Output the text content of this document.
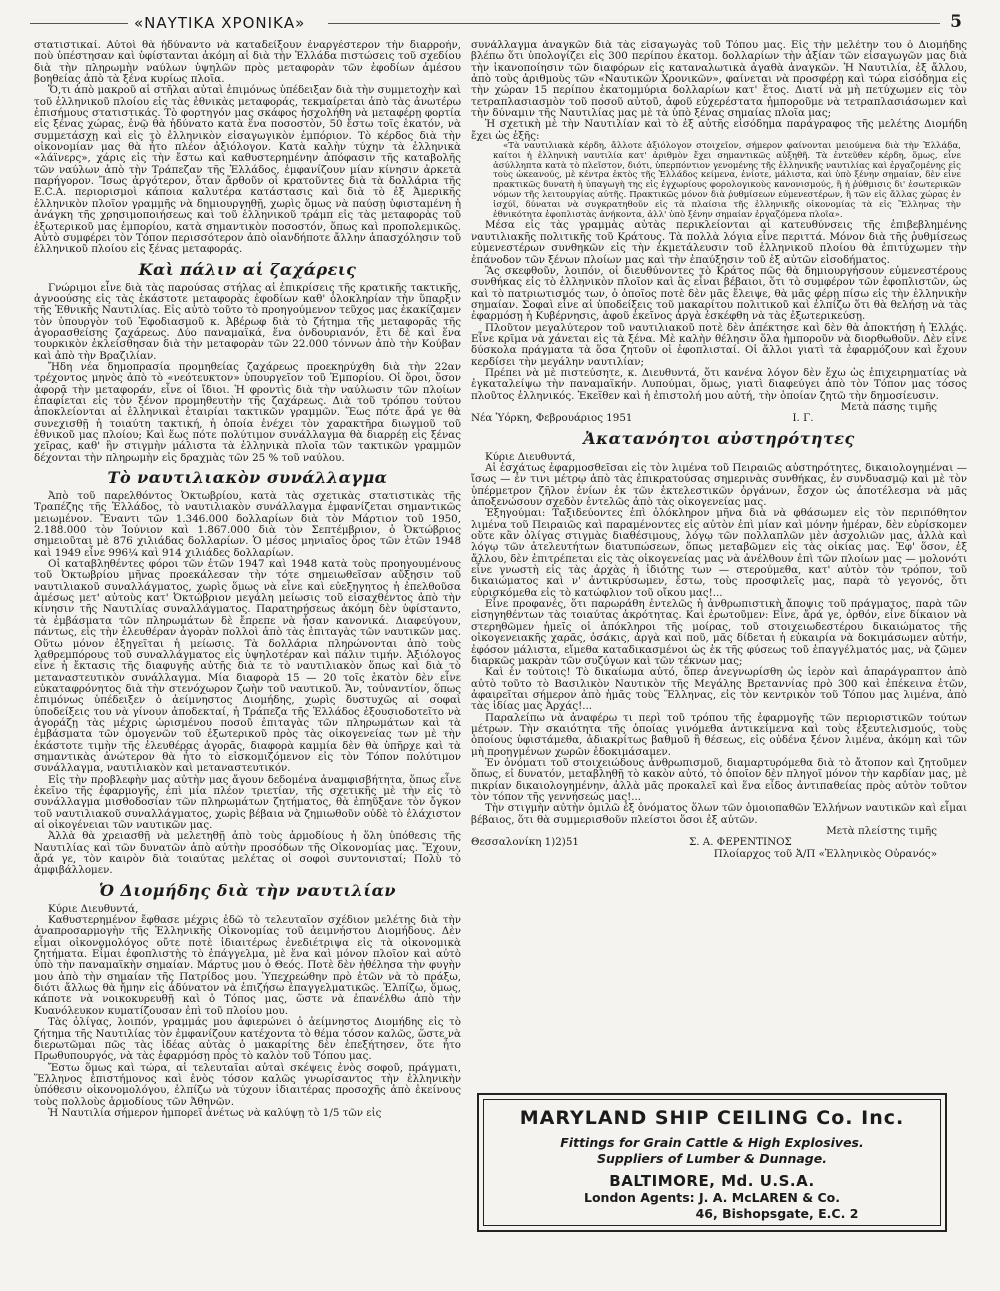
«ΝΑΥΤΙΚΑ ΧΡΟΝΙΚΑ»	5

στατιστικαί. Αὐτοὶ θὰ ἠδύναντο νὰ καταδείξουν ἐναργέστερον τὴν διαρροήν, ποὺ ὑπέστησαν καὶ ὑφίστανται ἀκόμη αἱ διὰ τὴν Ἑλλάδα πιστώσεις τοῦ σχεδίου διὰ τὴν πληρωμὴν ναύλων ὑψηλῶν πρὸς μεταφορὰν τῶν ἐφοδίων ἀμέσου βοηθείας ἀπὸ τὰ ξένα κυρίως πλοῖα.

Ὅ,τι ἀπὸ μακροῦ αἱ στῆλαι αὐταὶ ἐπιμόνως ὑπέδειξαν διὰ τὴν συμμετοχὴν καὶ τοῦ ἑλληνικοῦ πλοίου εἰς τὰς ἐθνικὰς μεταφοράς, τεκμαίρεται ἀπὸ τὰς ἀνωτέρω ἐπισήμους στατιστικάς. Τὸ φορτηγόν μας σκάφος ἠσχολήθη νὰ μεταφέρῃ φορτία εἰς ξένας χώρας, ἐνῷ θὰ ἠδύνατο κατὰ ἕνα ποσοστὸν, 50 ἔστω τοῖς ἑκατόν, νὰ συμμετάσχῃ καὶ εἰς τὸ ἑλληνικὸν εἰσαγωγικὸν ἐμπόριον. Τὸ κέρδος διὰ τὴν οἰκονομίαν μας θὰ ἦτο πλέον ἀξιόλογον. Κατὰ καλὴν τύχην τὰ ἑλληνικὰ «λάϊνερς», χάρις εἰς τὴν ἔστω καὶ καθυστερημένην ἀπόφασιν τῆς καταβολῆς τῶν ναύλων ἀπὸ τὴν Τράπεζαν τῆς Ἑλλάδος, ἐμφανίζουν μίαν κίνησιν ἀρκετὰ παρήγορον. Ἴσως ἀργότερον, ὅταν ἄρθοῦν οἱ κρατοῦντες διὰ τὰ δολλάρια τῆς E.C.A. περιορισμοὶ κάποια καλυτέρα κατάστασις καὶ διὰ τὸ ἐξ Ἀμερικῆς ἑλληνικὸν πλοῖον γραμμῆς νὰ δημιουργηθῇ, χωρὶς ὅμως νὰ παύσῃ ὑφισταμένη ἡ ἀνάγκη τῆς χρησιμοποιήσεως καὶ τοῦ ἑλληνικοῦ τράμπ εἰς τὰς μεταφορὰς τοῦ ἐξωτερικοῦ μας ἐμπορίου, κατὰ σημαντικὸν ποσοστόν, ὅπως καὶ προπολεμικῶς. Αὐτὸ συμφέρει τὸν Τόπον περισσότερον ἀπὸ οἱανδήποτε ἄλλην ἀπασχόλησιν τοῦ ἑλληνικοῦ πλοίου εἰς ξένας μεταφοράς.

Καὶ πάλιν αἱ ζαχάρεις

Γνώριμοι εἶνε διὰ τὰς παρούσας στήλας αἱ ἐπικρίσεις τῆς κρατικῆς τακτικῆς, ἀγνοούσης εἰς τὰς ἑκάστοτε μεταφορὰς ἐφοδίων καθ' ὁλοκληρίαν τὴν ὕπαρξιν τῆς Ἐθνικῆς Ναυτιλίας. Εἰς αὐτὸ τοῦτο τὸ προηγούμενον τεῦχος μας ἐκακίζαμεν τὸν ὑπουργὸν τοῦ Ἐφοδιασμοῦ κ. Ἀβέρωφ διὰ τὸ ζήτημα τῆς μεταφορᾶς τῆς ἀγορασθείσης ζαχάρεως. Δύο παναμαϊκά, ἕνα ὀνδουριανόν, ἔτι δὲ καὶ ἕνα τουρκικὸν ἐκλείσθησαν διὰ τὴν μεταφορὰν τῶν 22.000 τόννων ἀπὸ τὴν Κούβαν καὶ ἀπὸ τὴν Βραζιλίαν.

Ἤδη νέα δημοπρασία προμηθείας ζαχάρεως προεκηρύχθη διὰ τὴν 22αν τρέχοντος μηνὸς ἀπὸ τὸ «νεότευκτον» ὑπουργεῖον τοῦ Ἐμπορίου. Οἱ ὅροι, ὅσον ἀφορᾷ τὴν μεταφοράν, εἶνε οἱ ἴδιοι. Ἡ φροντὶς διὰ τὴν ναύλωσιν τῶν πλοίων ἐπαφίεται εἰς τὸν ξένον προμηθευτὴν τῆς ζαχάρεως. Διὰ τοῦ τρόπου τούτου ἀποκλείονται αἱ ἑλληνικαὶ ἑταιρίαι τακτικῶν γραμμῶν. Ἕως πότε ἄρά γε θὰ συνεχισθῇ ἡ τοιαύτη τακτική, ἡ ὁποία ἐνέχει τὸν χαρακτῆρα διωγμοῦ τοῦ ἐθνικοῦ μας πλοίου; Καὶ ἕως πότε πολύτιμον συνάλλαγμα θὰ διαρρέῃ εἰς ξένας χεῖρας, καθ' ἣν στιγμὴν μάλιστα τὰ ἑλληνικὰ πλοῖα τῶν τακτικῶν γραμμῶν δέχονται τὴν πληρωμὴν εἰς δραχμὰς τῶν 25 % τοῦ ναύλου.

Τὸ ναυτιλιακὸν συνάλλαγμα

Ἀπὸ τοῦ παρελθόντος Ὀκτωβρίου, κατὰ τὰς σχετικὰς στατιστικὰς τῆς Τραπέζης τῆς Ἑλλάδος, τὸ ναυτιλιακὸν συνάλλαγμα ἐμφανίζεται σημαντικῶς μειωμένον. Ἔναντι τῶν 1.346.000 δολλαρίων διὰ τὸν Μάρτιον τοῦ 1950, 2.188.000 τὸν Ἰούνιον καὶ 1.867.000 διὰ τὸν Σεπτέμβριον, ὁ Ὀκτώβριος σημειοῦται μὲ 876 χιλιάδας δολλαρίων. Ὁ μέσος μηνιαῖος ὅρος τῶν ἐτῶν 1948 καὶ 1949 εἶνε 996¼ καὶ 914 χιλιάδες δολλαρίων.

Οἱ καταβληθέντες φόροι τῶν ἐτῶν 1947 καὶ 1948 κατὰ τοὺς προηγουμένους τοῦ Ὀκτωβρίου μῆνας προεκάλεσαν τὴν τότε σημειωθεῖσαν αὔξησιν τοῦ ναυτιλιακοῦ συναλλάγματος, χωρὶς ὅμως νὰ εἶνε καὶ εὐεξηγητος ἡ ἐπελθοῦσα ἀμέσως μετ' αὐτοὺς κατ' Ὀκτώβριον μεγάλη μείωσις τοῦ εἰσαχθέντος ἀπὸ τὴν κίνησιν τῆς Ναυτιλίας συναλλάγματος. Παρατηρήσεως ἀκόμη δὲν ὑφίσταντο, τὰ ἐμβάσματα τῶν πληρωμάτων δὲ ἔπρεπε νὰ ἦσαν κανονικά. Διαφεύγουν, πάντως, εἰς τὴν ἐλευθέραν ἀγορὰν πολλοὶ ἀπὸ τὰς ἐπιταγὰς τῶν ναυτικῶν μας. Οὕτω μόνον ἐξηγεῖται ἡ μείωσις. Τὰ δολλάρια πληρώνονται ἀπὸ τοὺς λαθρεμπόρους τοῦ συναλλάγματος εἰς ὑψηλοτέραν καὶ πάλιν τιμήν. Ἀξιόλογος εἶνε ἡ ἔκτασις τῆς διαφυγῆς αὐτῆς διὰ τε τὸ ναυτιλιακὸν ὅπως καὶ διὰ τὸ μεταναστευτικὸν συνάλλαγμα. Μία διαφορὰ 15 — 20 τοῖς ἑκατὸν δὲν εἶνε εὐκαταφρόνητος διὰ τὴν στενόχωρον ζωὴν τοῦ ναυτικοῦ. Ἄν, τοὐναντίον, ὅπως ἐπιμόνως ὑπέδειξεν ὁ ἀείμνηστος Διομήδης, χωρὶς δυστυχῶς αἱ σοφαὶ ὑποδείξεις του νὰ γίνουν ἀποδεκταί, ἡ Τράπεζα τῆς Ἑλλάδος ἐξουσιοδοτεῖτο νὰ ἀγοράζῃ τὰς μέχρις ὡρισμένου ποσοῦ ἐπιταγὰς τῶν πληρωμάτων καὶ τὰ ἐμβάσματα τῶν ὁμογενῶν τοῦ ἐξωτερικοῦ πρὸς τὰς οἰκογενείας των μὲ τὴν ἑκάστοτε τιμὴν τῆς ἐλευθέρας ἀγορᾶς, διαφορὰ καμμία δὲν θὰ ὑπῆρχε καὶ τὰ σημαντικὰς ἀνώτερον θὰ ἦτο τὸ εἰσκομιζόμενον εἰς τὸν Τόπον πολύτιμον συνάλλαγμα, ναυτιλιακὸν καὶ μεταναστευτικόν.

Εἰς τὴν προβλεφὴν μας αὐτὴν μας ἄγουν δεδομένα ἀναμφισβήτητα, ὅπως εἶνε ἐκεῖνο τῆς ἐφαρμογῆς, ἐπὶ μία πλέον τριετίαν, τῆς σχετικῆς μὲ τὴν εἰς τὸ συνάλλαγμα μισθοδοσίαν τῶν πληρωμάτων ζητήματος, θὰ ἐπηῦξανε τὸν ὄγκον τοῦ ναυτιλιακοῦ συναλλάγματος, χωρὶς βέβαια νὰ ζημιωθοῦν οὐδὲ τὸ ἐλάχιστον αἱ οἰκογένειαι τῶν ναυτικῶν μας.

Ἀλλὰ θὰ χρειασθῇ νὰ μελετηθῇ ἀπὸ τοὺς ἁρμοδίους ἡ ὅλη ὑπόθεσις τῆς Ναυτιλίας καὶ τῶν δυνατῶν ἀπὸ αὐτὴν προσόδων τῆς Οἰκονομίας μας. Ἔχουν, ἄρά γε, τὸν καιρὸν διὰ τοιαύτας μελέτας οἱ σοφοὶ συντονισταί; Πολὺ τὸ ἀμφιβάλλομεν.

Ὁ Διομήδης διὰ τὴν ναυτιλίαν

Κύριε Διευθυντά,

Καθυστερημένον ἔφθασε μέχρις ἐδῶ τὸ τελευταῖον σχέδιον μελέτης διὰ τὴν ἀναπροσαρμογὴν τῆς Ἑλληνικῆς Οἰκονομίας τοῦ ἀειμνήστου Διομήδους. Δὲν εἶμαι οἰκονομολόγος οὔτε ποτὲ ἰδιαιτέρως ἐνεδιέτριψα εἰς τὰ οἰκονομικὰ ζητήματα. Εἶμαι ἐφοπλιστὴς τὸ ἐπάγγελμα, μὲ ἕνα καὶ μόνον πλοῖον καὶ αὐτὸ ὑπὸ τὴν παναμαϊκὴν σημαίαν. Μάρτυς μου ὁ Θεός. Ποτὲ δὲν ἠθέλησα τὴν φυγὴν μου ἀπὸ τὴν σημαίαν τῆς Πατρίδος μου. Ὑπεχρεώθην πρὸ ἐτῶν νὰ τὸ πράξω, διότι ἄλλως θὰ ἤμην εἰς ἀδύνατον νὰ ἐπιζήσω ἐπαγγελματικῶς. Ἐλπίζω, ὅμως, κάποτε νὰ νοικοκυρευθῇ καὶ ὁ Τόπος μας, ὥστε νὰ ἐπανέλθω ἀπὸ τὴν Κυανόλευκον κυματίζουσαν ἐπὶ τοῦ πλοίου μου.

Τὰς ὀλίγας, λοιπόν, γραμμάς μου ἀφιερώνει ὁ ἀείμνηστος Διομήδης εἰς τὸ ζήτημα τῆς Ναυτιλίας τὸν ἐμφανίζουν κατέχοντα τὸ θέμα τόσον καλῶς, ὥστε νὰ διερωτῶμαι πῶς τὰς ἰδέας αὐτὰς ὁ μακαρίτης δὲν ἐπεξήτησεν, ὅτε ἦτο Πρωθυπουργός, νὰ τὰς ἐφαρμόσῃ πρὸς τὸ καλὸν τοῦ Τόπου μας.

Ἔστω ὅμως καὶ τώρα, αἱ τελευταῖαι αὐταὶ σκέψεις ἑνὸς σοφοῦ, πράγματι, Ἕλληνος ἐπιστήμονος καὶ ἑνὸς τόσον καλῶς γνωρίσαντος τὴν ἑλληνικὴν ὑπόθεσιν οἰκονομολόγου, ἐλπίζω νὰ τύχουν ἰδιαιτέρας προσοχῆς ἀπὸ ἐκείνους τοὺς πολλοὺς ἁρμοδίους τῶν Ἀθηνῶν.

Ἡ Ναυτιλία σήμερον ἠμπορεῖ ἀνέτως νὰ καλύψῃ τὸ 1/5 τῶν εἰς

συνάλλαγμα ἀναγκῶν διὰ τὰς εἰσαγωγὰς τοῦ Τόπου μας. Εἰς τὴν μελέτην του ὁ Διομήδης βλέπω ὅτι ὑπολογίζει εἰς 300 περίπου ἑκατομ. δολλαρίων τὴν ἀξίαν τῶν εἰσαγωγῶν μας διὰ τὴν ἱκανοποίησιν τῶν διαφόρων εἰς καταναλωτικὰ ἀγαθὰ ἀναγκῶν. Ἡ Ναυτιλία, ἐξ ἄλλου, ἀπὸ τοὺς ἀριθμοὺς τῶν «Ναυτικῶν Χρονικῶν», φαίνεται νὰ προσφέρῃ καὶ τώρα εἰσόδημα εἰς τὴν χώραν 15 περίπου ἑκατομμύρια δολλαρίων κατ' ἔτος. Διατί νὰ μὴ πετύχωμεν εἰς τὸν τετραπλασιασμὸν τοῦ ποσοῦ αὐτοῦ, ἀφοῦ εὐχερέστατα ἠμποροῦμε νὰ τετραπλασιάσωμεν καὶ τὴν δύναμιν τῆς Ναυτιλίας μας μὲ τὰ ὑπὸ ξένας σημαίας πλοῖα μας;

Ἡ σχετικὴ μὲ τὴν Ναυτιλίαν καὶ τὸ ἐξ αὐτῆς εἰσόδημα παράγραφος τῆς μελέτης Διομήδη ἔχει ὡς ἑξῆς:

«Τὰ ναυτιλιακὰ κέρδη, ἄλλοτε ἀξιόλογον στοιχεῖον, σήμερον φαίνονται μειούμενα διὰ τὴν Ἑλλάδα, καίτοι ἡ ἑλληνικὴ ναυτιλία κατ' ἀριθμὸν ἔχει σημαντικῶς αὐξηθῆ. Τὰ ἐντεῦθεν κέρδη, ὅμως, εἶνε ἀσύλληπτα κατὰ τὸ πλεῖστον, διότι, ὑπερπόντιον γενομένης τῆς ἑλληνικῆς ναυτιλίας καὶ ἐργαζομένης εἰς τοὺς ὠκεανούς, μὲ κέντρα ἐκτὸς τῆς Ἑλλάδος κείμενα, ἐνίοτε, μάλιστα, καὶ ὑπὸ ξένην σημαίαν, δὲν εἶνε πρακτικῶς δυνατὴ ἡ ὑπαγωγὴ της εἰς ἐγχωρίους φορολογικοὺς κανονισμούς, ἢ ἡ ῥύθμισις δι' ἐσωτερικῶν νόμων τῆς λειτουργίας αὐτῆς. Πρακτικῶς μόνον διὰ ῥυθμίσεων εὐμενεστέρων, ἢ τῶν εἰς ἄλλας χώρας ἐν ἰσχύϊ, δύναται νὰ συγκρατηθοῦν εἰς τὰ πλαίσια τῆς ἑλληνικῆς οἰκονομίας τὰ εἰς Ἕλληνας τὴν ἐθνικότητα ἐφοπλιστὰς ἀνήκοντα, ἀλλ' ὑπὸ ξένην σημαίαν ἐργαζόμενα πλοῖα».

Μέσα εἰς τὰς γραμμὰς αὐτὰς περικλείονται αἱ κατευθύνσεις τῆς ἐπιβεβλημένης ναυτιλιακῆς πολιτικῆς τοῦ Κράτους. Τὰ πολλὰ λόγια εἶνε περιττά. Μόνον διὰ τῆς ῥυθμίσεως εὐμενεστέρων συνθηκῶν εἰς τὴν ἐκμετάλευσιν τοῦ ἑλληνικοῦ πλοίου θὰ ἐπιτύχωμεν τὴν ἐπάνοδον τῶν ξένων πλοίων μας καὶ τὴν ἐπαύξησιν τοῦ ἐξ αὐτῶν εἰσοδήματος.

Ἂς σκεφθοῦν, λοιπόν, οἱ διευθύνοντες τὸ Κράτος πῶς θὰ δημιουργήσουν εὐμενεστέρους συνθήκας εἰς τὸ ἑλληνικὸν πλοῖον καὶ ἂς εἶναι βέβαιοι, ὅτι τὸ συμφέρον τῶν ἐφοπλιστῶν, ὡς καὶ τὸ πατριωτισμός των, ὁ ὁποῖος ποτὲ δὲν μᾶς ἔλειψε, θὰ μᾶς φέρῃ πίσω εἰς τὴν ἑλληνικὴν σημαίαν. Σοφαὶ εἶνε αἱ ὑποδείξεις τοῦ μακαρίτου πολιτικοῦ καὶ ἐλπίζω ὅτι θὰ θελήσῃ νὰ τὰς ἐφαρμόσῃ ἡ Κυβέρνησις, ἀφοῦ ἐκεῖνος ἀργὰ ἐσκέφθη νὰ τὰς ἐξωτερικεύσῃ.

Πλοῦτον μεγαλύτερον τοῦ ναυτιλιακοῦ ποτὲ δὲν ἀπέκτησε καὶ δὲν θὰ ἀποκτήσῃ ἡ Ἑλλάς. Εἶνε κρῖμα νὰ χάνεται εἰς τὰ ξένα. Μὲ καλὴν θέλησιν ὅλα ἠμποροῦν νὰ διορθωθοῦν. Δὲν εἶνε δύσκολα πράγματα τὰ ὅσα ζητοῦν οἱ ἐφοπλισταί. Οἱ ἄλλοι γιατὶ τὰ ἐφαρμόζουν καὶ ἔχουν κερδίσει τὴν μεγάλην ναυτιλίαν;

Πρέπει νὰ μὲ πιστεύσητε, κ. Διευθυντά, ὅτι κανένα λόγον δὲν ἔχω ὡς ἐπιχειρηματίας νὰ ἐγκαταλείψω τὴν παναμαϊκήν. Λυπούμαι, ὅμως, γιατὶ διαφεύγει ἀπὸ τὸν Τόπον μας τόσος πλοῦτος ἑλληνικός. Ἐκεῖθεν καὶ ἡ ἐπιστολή μου αὐτή, τὴν ὁποίαν ζητῶ τὴν δημοσίευσιν.

Μετὰ πάσης τιμῆς

Νέα Ὑόρκη, Φεβρουάριος 1951	Ι. Γ.

Ἀκατανόητοι αὐστηρότητες

Κύριε Διευθυντά,

Αἱ ἐσχάτως ἐφαρμοσθεῖσαι εἰς τὸν λιμένα τοῦ Πειραιῶς αὐστηρότητες, δικαιολογημέναι — ἴσως — ἐν τινι μέτρῳ ἀπὸ τὰς ἐπικρατούσας σημερινὰς συνθήκας, ἐν συνδυασμῷ καὶ μὲ τὸν ὑπέρμετρον ζῆλον ἐνίων ἐκ τῶν ἐκτελεστικῶν ὀργάνων, ἔσχον ὡς ἀποτέλεσμα νὰ μᾶς ἀποξενώσουν σχεδὸν ἐντελῶς ἀπὸ τὰς οἰκογενείας μας.

Ἐξηγούμαι: Ταξιδεύοντες ἐπὶ ὁλόκληρον μῆνα διὰ νὰ φθάσωμεν εἰς τὸν περιπόθητον λιμένα τοῦ Πειραιῶς καὶ παραμένοντες εἰς αὐτὸν ἐπὶ μίαν καὶ μόνην ἡμέραν, δὲν εὑρίσκομεν οὔτε κἂν ὀλίγας στιγμὰς διαθέσιμους, λόγῳ τῶν πολλαπλῶν μὲν ἀσχολιῶν μας, ἀλλὰ καὶ λόγῳ τῶν ἀτελευτήτων διατυπώσεων, ὅπως μεταβῶμεν εἰς τὰς οἰκίας μας. Ἐφ' ὅσον, ἐξ ἄλλου, δὲν ἐπιτρέπεται εἰς τὰς οἰκογενείας μας νὰ ἀνέλθουν ἐπὶ τῶν πλοίων μας — μολονότι εἶνε γνωστὴ εἰς τὰς ἀρχὰς ἡ ἰδιότης των — στερούμεθα, κατ' αὐτὸν τὸν τρόπον, τοῦ δικαιώματος καὶ ν' ἀντικρύσωμεν, ἔστω, τοὺς προσφιλεῖς μας, παρὰ τὸ γεγονός, ὅτι εὑρισκόμεθα εἰς τὸ κατώφλιον τοῦ οἴκου μας!...

Εἶνε προφανές, ὅτι παρωράθη ἐντελῶς ἡ ἀνθρωπιστικὴ ἄποψις τοῦ πράγματος, παρὰ τῶν εἰσηγηθέντων τὰς τοιαύτας ἀκρότητας. Καὶ ἐρωτοῦμεν: Εἶνε, ἄρά γε, ὀρθόν, εἶνε δίκαιον νὰ στερηθῶμεν ἡμεῖς οἱ ἀπόκληροι τῆς μοίρας, τοῦ στοιχειωδεστέρου δικαιώματος τῆς οἰκογενειακῆς χαρᾶς, ὀσάκις, ἀργὰ καὶ ποῦ, μᾶς δίδεται ἡ εὐκαιρία νὰ δοκιμάσωμεν αὐτήν, ἐφόσον μάλιστα, εἴμεθα καταδικασμένοι ὡς ἐκ τῆς φύσεως τοῦ ἐπαγγέλματός μας, νὰ ζῶμεν διαρκῶς μακρὰν τῶν συζύγων καὶ τῶν τέκνων μας;

Καὶ ἐν τούτοις! Τὸ δικαίωμα αὐτό, ὅπερ ἀνεγνωρίσθη ὡς ἱερὸν καὶ ἀπαράγραπτον ἀπὸ αὐτὸ τοῦτο τὸ Βασιλικὸν Ναυτικὸν τῆς Μεγάλης Βρεταννίας πρὸ 300 καὶ ἐπέκεινα ἐτῶν, ἀφαιρεῖται σήμερον ἀπὸ ἡμᾶς τοὺς Ἕλληνας, εἰς τὸν κεντρικὸν τοῦ Τόπου μας λιμένα, ἀπὸ τὰς ἰδίας μας Ἀρχάς!...

Παραλείπω νὰ ἀναφέρω τι περὶ τοῦ τρόπου τῆς ἐφαρμογῆς τῶν περιοριστικῶν τούτων μέτρων. Τὴν σκαιότητα τῆς ὁποίας γινόμεθα ἀντικείμενα καὶ τοὺς ἐξευτελισμούς, τοὺς ὁποίους ὑφιστάμεθα, ἀδιακρίτως βαθμοῦ ἢ θέσεως, εἰς οὐδένα ξένον λιμένα, ἀκόμη καὶ τῶν μὴ προηγμένων χωρῶν ἐδοκιμάσαμεν.

Ἐν ὀνόματι τοῦ στοιχειώδους ἀνθρωπισμοῦ, διαμαρτυρόμεθα διὰ τὸ ἄτοπον καὶ ζητοῦμεν ὅπως, εἰ δυνατόν, μεταβληθῇ τὸ κακὸν αὐτό, τὸ ὁποῖον δὲν πληγοῖ μόνον τὴν καρδίαν μας, μὲ πικρίαν δικαιολογημένην, ἀλλὰ μᾶς προκαλεῖ καὶ ἕνα εἶδος ἀντιπαθείας πρὸς αὐτὸν τοῦτον τὸν τόπον τῆς γεννήσεώς μας!...

Τὴν στιγμὴν αὐτὴν ὁμιλῶ ἐξ ὀνόματος ὅλων τῶν ὁμοιοπαθῶν Ἑλλήνων ναυτικῶν καὶ εἶμαι βέβαιος, ὅτι θὰ συμμερισθοῦν πλείστοι ὅσοι ἐξ αὐτῶν.

Μετὰ πλείστης τιμῆς

Θεσσαλονίκη 1)2)51	Σ. Α. ΦΕΡΕΝΤΙΝΟΣ

Πλοίαρχος τοῦ Ἀ/Π «Ἑλληνικὸς Οὐρανός»

MARYLAND SHIP CEILING Co. Inc.
Fittings for Grain Cattle & High Explosives.
Suppliers of Lumber & Dunnage.
BALTIMORE, Md. U.S.A.
London Agents: J. A. McLAREN & Co.
46, Bishopsgate, E.C. 2
